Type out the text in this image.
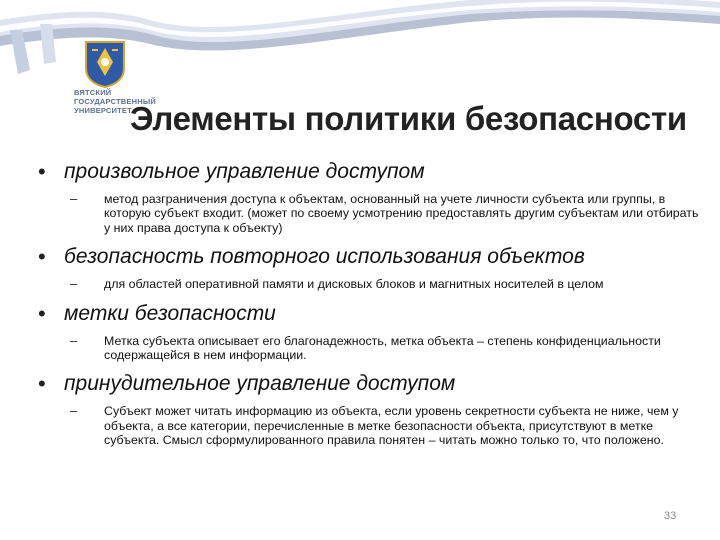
ВЯТСКИЙ
ГОСУДАРСТВЕННЫЙ
УНИВЕРСИТЕТ
Элементы политики безопасности
• произвольное управление доступом
– метод разграничения доступа к объектам, основанный на учете личности субъекта или группы, в которую субъект входит. (может по своему усмотрению предоставлять другим субъектам или отбирать у них права доступа к объекту)
• безопасность повторного использования объектов
– для областей оперативной памяти и дисковых блоков и магнитных носителей в целом
• метки безопасности
– Метка субъекта описывает его благонадежность, метка объекта – степень конфиденциальности содержащейся в нем информации.
• принудительное управление доступом
– Субъект может читать информацию из объекта, если уровень секретности субъекта не ниже, чем у объекта, а все категории, перечисленные в метке безопасности объекта, присутствуют в метке субъекта. Смысл сформулированного правила понятен – читать можно только то, что положено.
33
